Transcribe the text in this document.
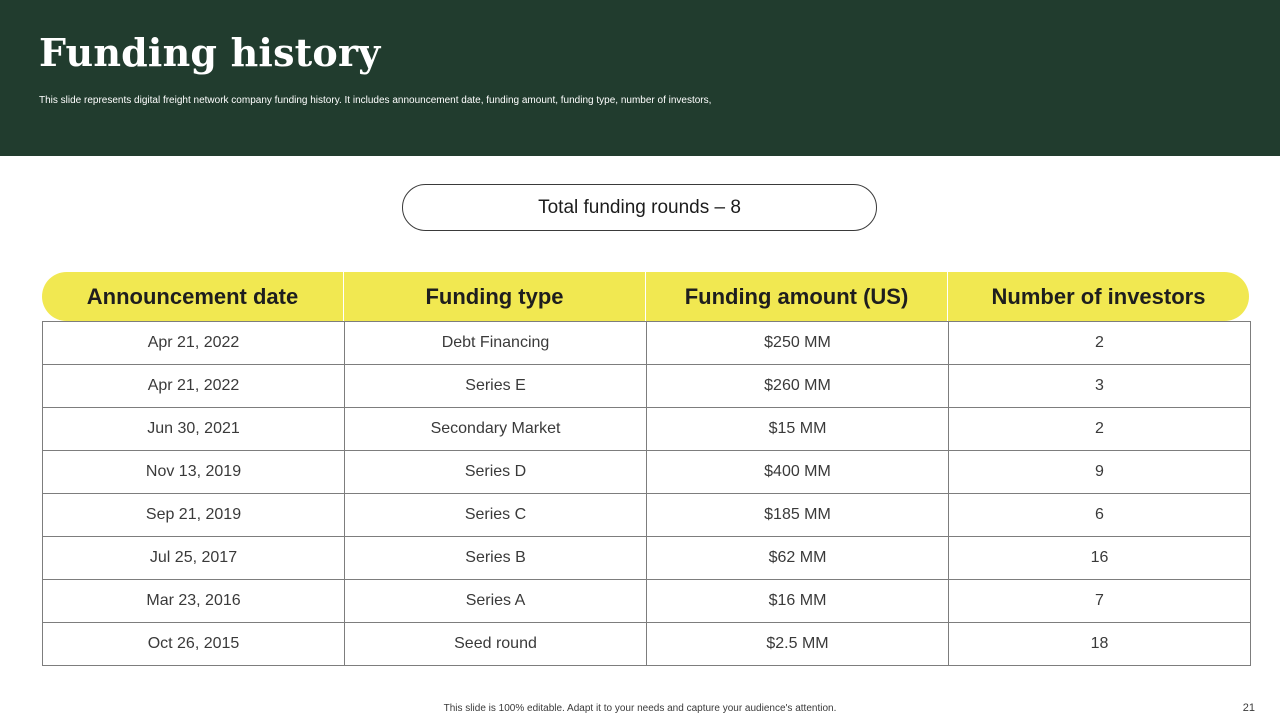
Funding history

This slide represents digital freight network company funding history. It includes announcement date, funding amount, funding type, number of investors,

Total funding rounds – 8
Announcement date	Funding type	Funding amount (US)	Number of investors
Apr 21, 2022	Debt Financing	$250 MM	2
Apr 21, 2022	Series E	$260 MM	3
Jun 30, 2021	Secondary Market	$15 MM	2
Nov 13, 2019	Series D	$400 MM	9
Sep 21, 2019	Series C	$185 MM	6
Jul 25, 2017	Series B	$62 MM	16
Mar 23, 2016	Series A	$16 MM	7
Oct 26, 2015	Seed round	$2.5 MM	18
This slide is 100% editable. Adapt it to your needs and capture your audience's attention.	21
